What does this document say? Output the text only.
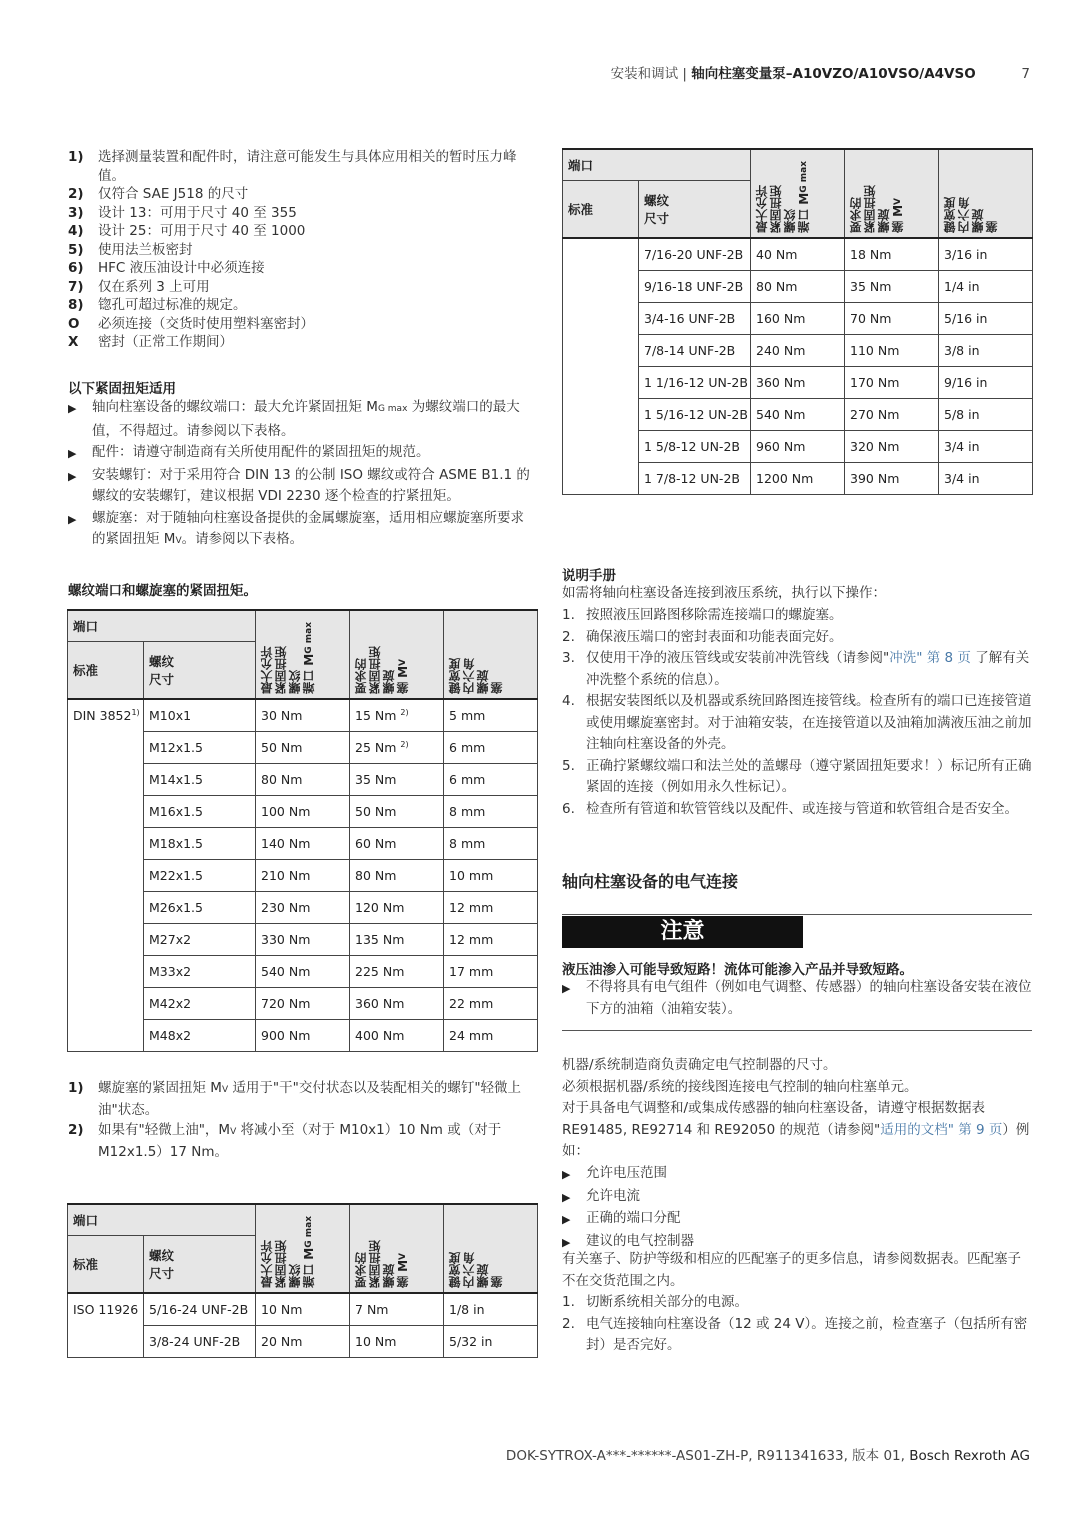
安装和调试 | 轴向柱塞变量泵–A10VZO/A10VSO/A4VSO	7
1)	选择测量装置和配件时，请注意可能发生与具体应用相关的暂时压力峰值。
2)	仅符合 SAE J518 的尺寸
3)	设计 13：可用于尺寸 40 至 355
4)	设计 25：可用于尺寸 40 至 1000
5)	使用法兰板密封
6)	HFC 液压油设计中必须连接
7)	仅在系列 3 上可用
8)	锪孔可超过标准的规定。
O	必须连接（交货时使用塑料塞密封）
X	密封（正常工作期间）
以下紧固扭矩适用
▶	轴向柱塞设备的螺纹端口：最大允许紧固扭矩 MG max 为螺纹端口的最大值，不得超过。请参阅以下表格。
▶	配件：请遵守制造商有关所使用配件的紧固扭矩的规范。
▶	安装螺钉：对于采用符合 DIN 13 的公制 ISO 螺纹或符合 ASME B1.1 的螺纹的安装螺钉，建议根据 VDI 2230 逐个检查的拧紧扭矩。
▶	螺旋塞：对于随轴向柱塞设备提供的金属螺旋塞，适用相应螺旋塞所要求的紧固扭矩 MV。请参阅以下表格。
螺纹端口和螺旋塞的紧固扭矩。
端口		最大允许 紧固扭矩 螺纹 端口 MG max	要求的 紧固扭矩 螺旋 塞 MV	键宽度 内六角 螺旋 塞

标准	螺纹
尺寸			

DIN 3852$^{1)}$	M10x1	30 Nm	15 Nm $^{2)}$	5 mm
	M12x1.5	50 Nm	25 Nm $^{2)}$	6 mm
	M14x1.5	80 Nm	35 Nm	6 mm
	M16x1.5	100 Nm	50 Nm	8 mm
	M18x1.5	140 Nm	60 Nm	8 mm
	M22x1.5	210 Nm	80 Nm	10 mm
	M26x1.5	230 Nm	120 Nm	12 mm
	M27x2	330 Nm	135 Nm	12 mm
	M33x2	540 Nm	225 Nm	17 mm
	M42x2	720 Nm	360 Nm	22 mm
	M48x2	900 Nm	400 Nm	24 mm
1)	螺旋塞的紧固扭矩 MV 适用于"干"交付状态以及装配相关的螺钉"轻微上油"状态。
2)	如果有"轻微上油"，MV 将减小至（对于 M10x1）10 Nm 或（对于 M12x1.5）17 Nm。
端口		最大允许 紧固扭矩 螺纹 端口 MG max	要求的 紧固扭矩 螺旋 塞 MV	键宽度 内六角 螺旋 塞

标准	螺纹
尺寸			

ISO 11926	5/16-24 UNF-2B	10 Nm	7 Nm	1/8 in
	3/8-24 UNF-2B	20 Nm	10 Nm	5/32 in
端口		最大允许 紧固扭矩 螺纹 端口 MG max	要求的 紧固扭矩 螺旋 塞 MV	键宽度 内六角 螺旋 塞

标准	螺纹
尺寸			

	7/16-20 UNF-2B	40 Nm	18 Nm	3/16 in
	9/16-18 UNF-2B	80 Nm	35 Nm	1/4 in
	3/4-16 UNF-2B	160 Nm	70 Nm	5/16 in
	7/8-14 UNF-2B	240 Nm	110 Nm	3/8 in
	1 1/16-12 UN-2B	360 Nm	170 Nm	9/16 in
	1 5/16-12 UN-2B	540 Nm	270 Nm	5/8 in
	1 5/8-12 UN-2B	960 Nm	320 Nm	3/4 in
	1 7/8-12 UN-2B	1200 Nm	390 Nm	3/4 in
说明手册
如需将轴向柱塞设备连接到液压系统，执行以下操作：
1. 按照液压回路图移除需连接端口的螺旋塞。
2. 确保液压端口的密封表面和功能表面完好。
3. 仅使用干净的液压管线或安装前冲洗管线（请参阅"冲洗" 第 8 页 了解有关冲洗整个系统的信息）。
4. 根据安装图纸以及机器或系统回路图连接管线。检查所有的端口已连接管道或使用螺旋塞密封。对于油箱安装，在连接管道以及油箱加满液压油之前加注轴向柱塞设备的外壳。
5. 正确拧紧螺纹端口和法兰处的盖螺母（遵守紧固扭矩要求！）标记所有正确紧固的连接（例如用永久性标记）。
6. 检查所有管道和软管管线以及配件、或连接与管道和软管组合是否安全。
轴向柱塞设备的电气连接
注意
液压油渗入可能导致短路！流体可能渗入产品并导致短路。
▶	不得将具有电气组件（例如电气调整、传感器）的轴向柱塞设备安装在液位下方的油箱（油箱安装）。
机器/系统制造商负责确定电气控制器的尺寸。
必须根据机器/系统的接线图连接电气控制的轴向柱塞单元。
对于具备电气调整和/或集成传感器的轴向柱塞设备，请遵守根据数据表 RE91485, RE92714 和 RE92050 的规范（请参阅"适用的文档" 第 9 页）例如：
▶	允许电压范围
▶	允许电流
▶	正确的端口分配
▶	建议的电气控制器
有关塞子、防护等级和相应的匹配塞子的更多信息，请参阅数据表。匹配塞子不在交货范围之内。
1. 切断系统相关部分的电源。
2. 电气连接轴向柱塞设备（12 或 24 V）。连接之前，检查塞子（包括所有密封）是否完好。
DOK-SYTROX-A***-******-AS01-ZH-P, R911341633, 版本 01, Bosch Rexroth AG
